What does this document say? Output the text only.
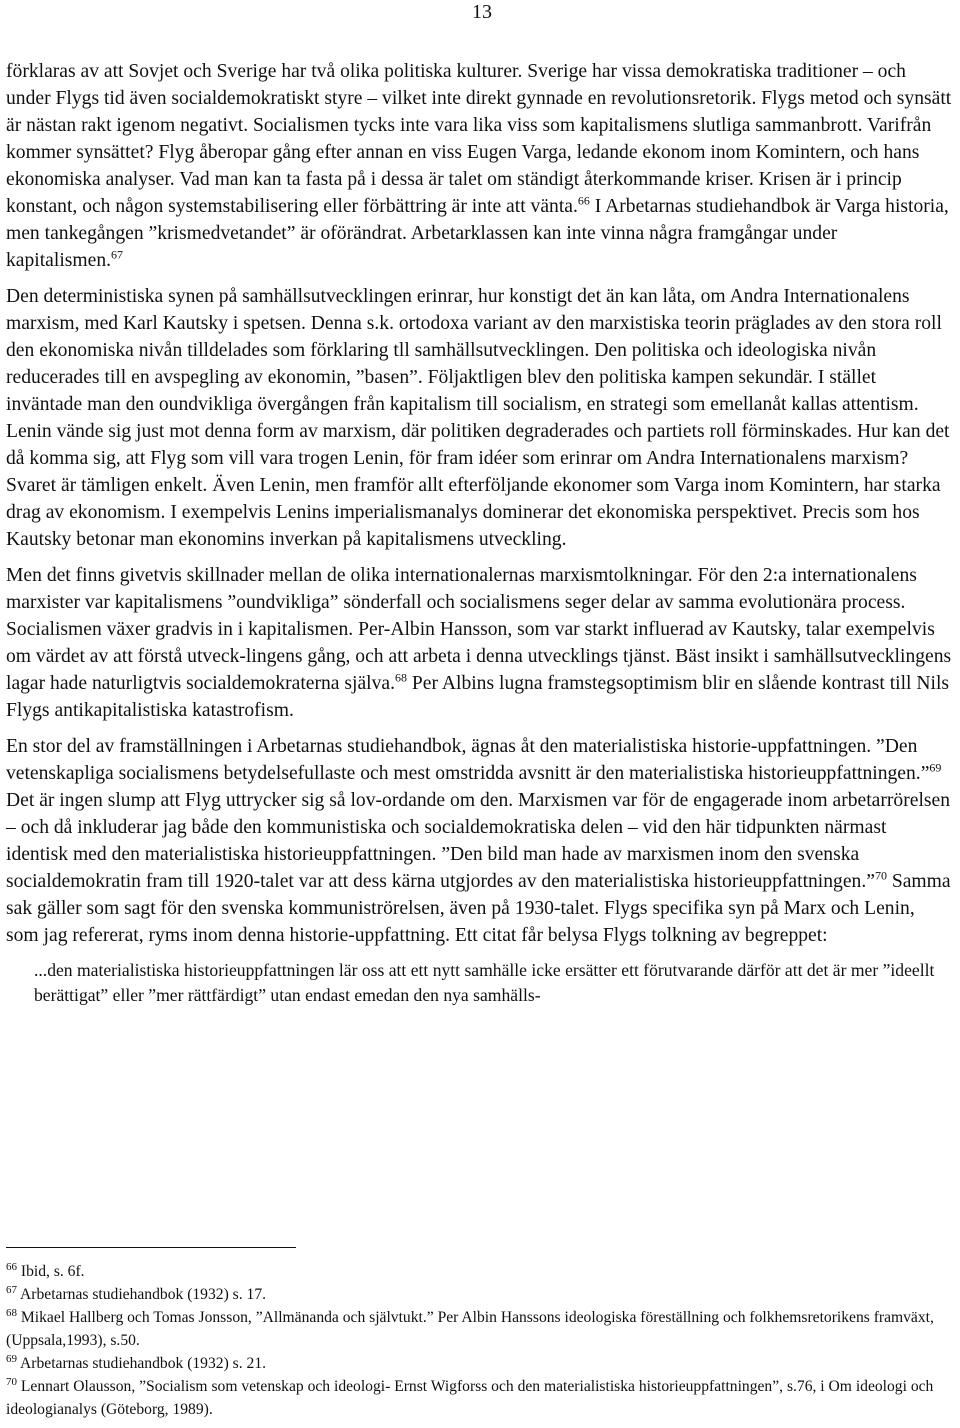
13

förklaras av att Sovjet och Sverige har två olika politiska kulturer. Sverige har vissa demokratiska traditioner – och under Flygs tid även socialdemokratiskt styre – vilket inte direkt gynnade en revolutionsretorik. Flygs metod och synsätt är nästan rakt igenom negativt. Socialismen tycks inte vara lika viss som kapitalismens slutliga sammanbrott. Varifrån kommer synsättet? Flyg åberopar gång efter annan en viss Eugen Varga, ledande ekonom inom Komintern, och hans ekonomiska analyser. Vad man kan ta fasta på i dessa är talet om ständigt återkommande kriser. Krisen är i princip konstant, och någon systemstabilisering eller förbättring är inte att vänta.$^{66}$ I Arbetarnas studiehandbok är Varga historia, men tankegången ”krismedvetandet” är oförändrat. Arbetarklassen kan inte vinna några framgångar under kapitalismen.$^{67}$

Den deterministiska synen på samhällsutvecklingen erinrar, hur konstigt det än kan låta, om Andra Internationalens marxism, med Karl Kautsky i spetsen. Denna s.k. ortodoxa variant av den marxistiska teorin präglades av den stora roll den ekonomiska nivån tilldelades som förklaring tll samhällsutvecklingen. Den politiska och ideologiska nivån reducerades till en avspegling av ekonomin, ”basen”. Följaktligen blev den politiska kampen sekundär. I stället inväntade man den oundvikliga övergången från kapitalism till socialism, en strategi som emellanåt kallas attentism. Lenin vände sig just mot denna form av marxism, där politiken degraderades och partiets roll förminskades. Hur kan det då komma sig, att Flyg som vill vara trogen Lenin, för fram idéer som erinrar om Andra Internationalens marxism? Svaret är tämligen enkelt. Även Lenin, men framför allt efterföljande ekonomer som Varga inom Komintern, har starka drag av ekonomism. I exempelvis Lenins imperialismanalys dominerar det ekonomiska perspektivet. Precis som hos Kautsky betonar man ekonomins inverkan på kapitalismens utveckling.

Men det finns givetvis skillnader mellan de olika internationalernas marxismtolkningar. För den 2:a internationalens marxister var kapitalismens ”oundvikliga” sönderfall och socialismens seger delar av samma evolutionära process. Socialismen växer gradvis in i kapitalismen. Per-Albin Hansson, som var starkt influerad av Kautsky, talar exempelvis om värdet av att förstå utveck-lingens gång, och att arbeta i denna utvecklings tjänst. Bäst insikt i samhällsutvecklingens lagar hade naturligtvis socialdemokraterna själva.$^{68}$ Per Albins lugna framstegsoptimism blir en slående kontrast till Nils Flygs antikapitalistiska katastrofism.

En stor del av framställningen i Arbetarnas studiehandbok, ägnas åt den materialistiska historie-uppfattningen. ”Den vetenskapliga socialismens betydelsefullaste och mest omstridda avsnitt är den materialistiska historieuppfattningen.”$^{69}$ Det är ingen slump att Flyg uttrycker sig så lov-ordande om den. Marxismen var för de engagerade inom arbetarrörelsen – och då inkluderar jag både den kommunistiska och socialdemokratiska delen – vid den här tidpunkten närmast identisk med den materialistiska historieuppfattningen. ”Den bild man hade av marxismen inom den svenska socialdemokratin fram till 1920-talet var att dess kärna utgjordes av den materialistiska historieuppfattningen.”$^{70}$ Samma sak gäller som sagt för den svenska kommuniströrelsen, även på 1930-talet. Flygs specifika syn på Marx och Lenin, som jag refererat, ryms inom denna historie-uppfattning. Ett citat får belysa Flygs tolkning av begreppet:

...den materialistiska historieuppfattningen lär oss att ett nytt samhälle icke ersätter ett förutvarande därför att det är mer ”ideellt berättigat” eller ”mer rättfärdigt” utan endast emedan den nya samhälls-

$^{66}$ Ibid, s. 6f.

$^{67}$ Arbetarnas studiehandbok (1932) s. 17.

$^{68}$ Mikael Hallberg och Tomas Jonsson, ”Allmänanda och självtukt.” Per Albin Hanssons ideologiska föreställning och folkhemsretorikens framväxt, (Uppsala,1993), s.50.

$^{69}$ Arbetarnas studiehandbok (1932) s. 21.

$^{70}$ Lennart Olausson, ”Socialism som vetenskap och ideologi- Ernst Wigforss och den materialistiska historieuppfattningen”, s.76, i Om ideologi och ideologianalys (Göteborg, 1989).
